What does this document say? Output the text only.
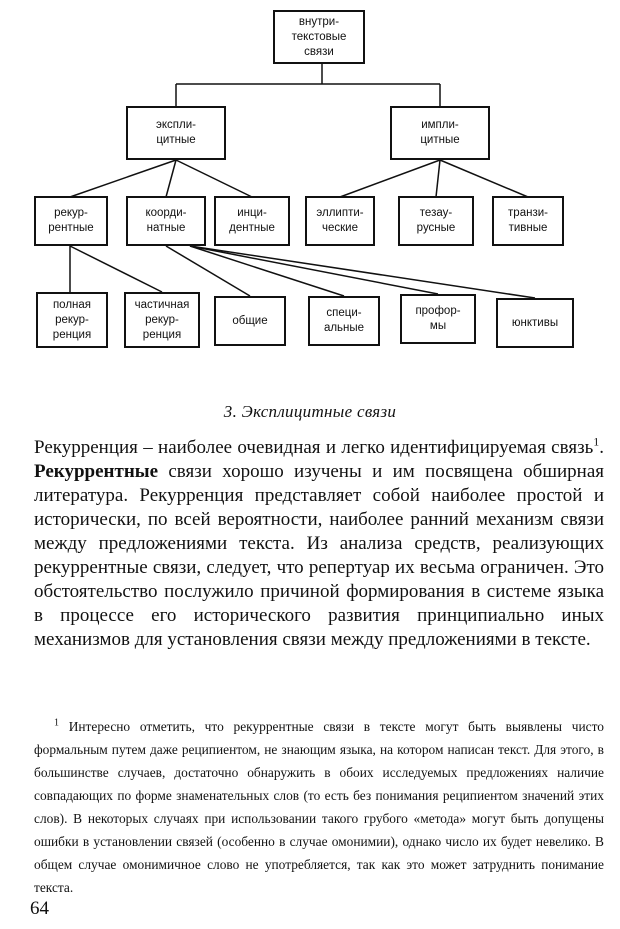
внутри-
текстовые
связи
экспли-
цитные
импли-
цитные
рекур-
рентные
коорди-
натные
инци-
дентные
эллипти-
ческие
тезау-
русные
транзи-
тивные
полная
рекур-
ренция
частичная
рекур-
ренция
общие
специ-
альные
профор-
мы	юнктивы
3. Эксплицитные связи

Рекурренция – наиболее очевидная и легко идентифицируемая связь$^1$. Рекуррентные связи хорошо изучены и им посвящена обширная литература. Рекурренция представляет собой наиболее простой и исторически, по всей вероятности, наиболее ранний механизм связи между предложениями текста. Из анализа средств, реализующих рекуррентные связи, следует, что репертуар их весьма ограничен. Это обстоятельство послужило причиной формирования в системе языка в процессе его исторического развития принципиально иных механизмов для установления связи между предложениями в тексте.

$^1$ Интересно отметить, что рекуррентные связи в тексте могут быть выявлены чисто формальным путем даже реципиентом, не знающим языка, на котором написан текст. Для этого, в большинстве случаев, достаточно обнаружить в обоих исследуемых предложениях наличие совпадающих по форме знаменательных слов (то есть без понимания реципиентом значений этих слов). В некоторых случаях при использовании такого грубого «метода» могут быть допущены ошибки в установлении связей (особенно в случае омонимии), однако число их будет невелико. В общем случае омонимичное слово не употребляется, так как это может затруднить понимание текста.

64
